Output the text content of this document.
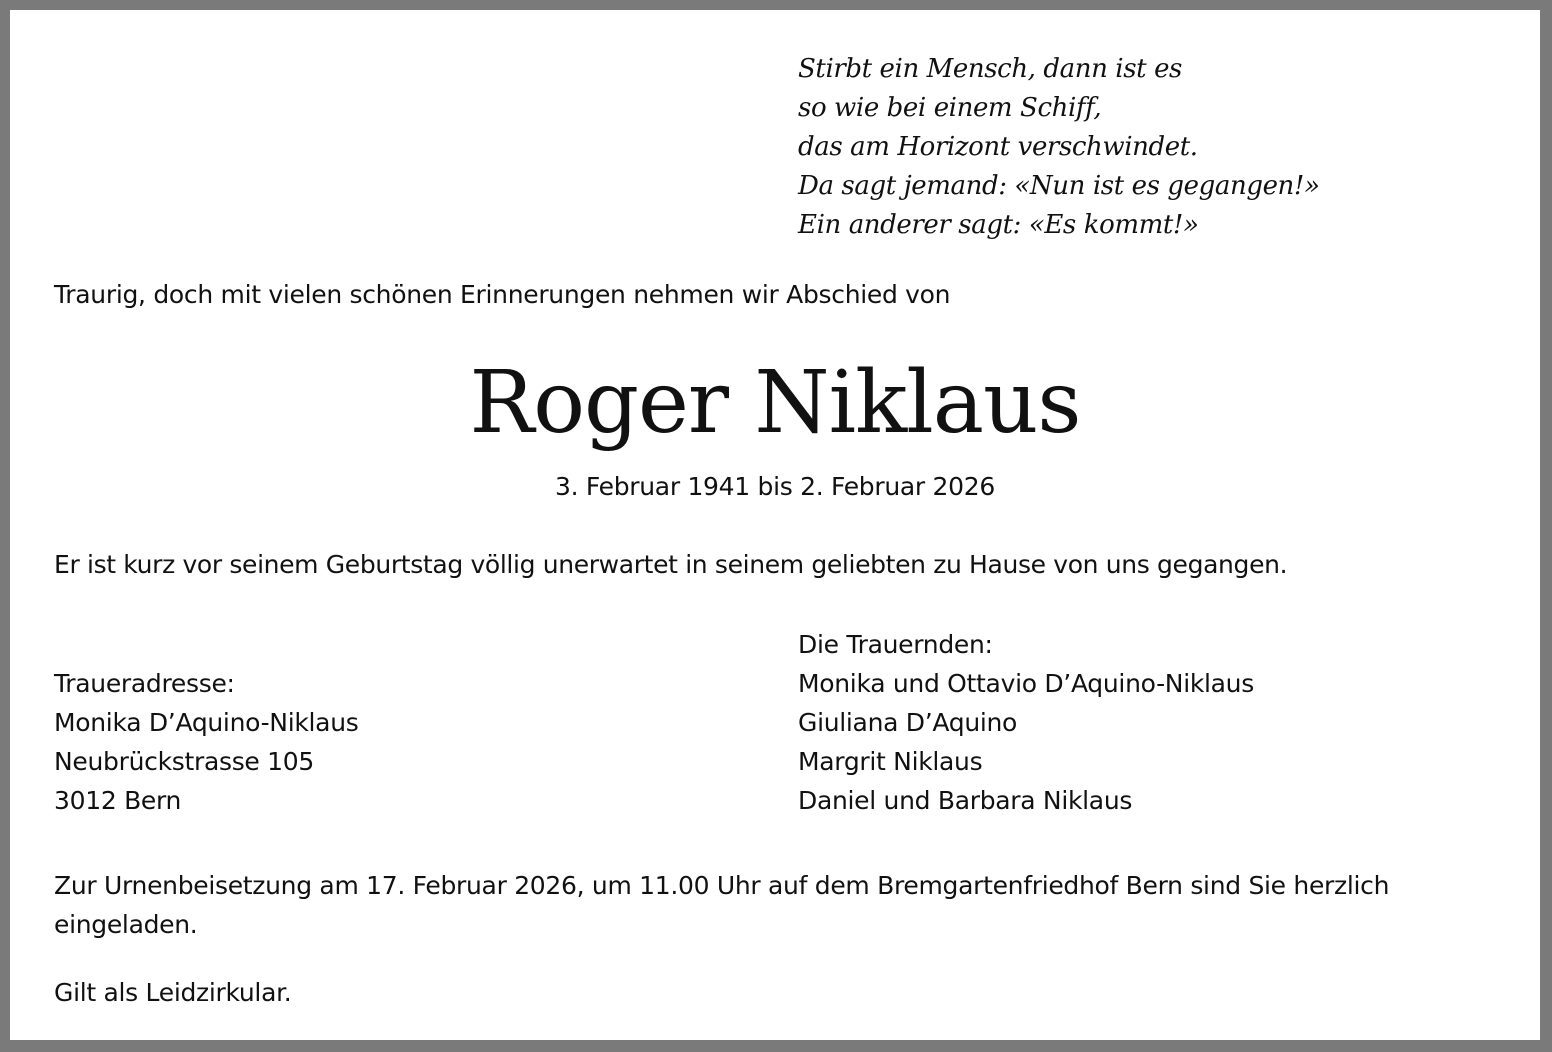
Stirbt ein Mensch, dann ist es
so wie bei einem Schiff,
das am Horizont verschwindet.
Da sagt jemand: «Nun ist es gegangen!»
Ein anderer sagt: «Es kommt!»
Traurig, doch mit vielen schönen Erinnerungen nehmen wir Abschied von
Roger Niklaus
3. Februar 1941 bis 2. Februar 2026
Er ist kurz vor seinem Geburtstag völlig unerwartet in seinem geliebten zu Hause von uns gegangen.
Traueradresse:
Monika D’Aquino-Niklaus
Neubrückstrasse 105
3012 Bern
Die Trauernden:
Monika und Ottavio D’Aquino-Niklaus
Giuliana D’Aquino
Margrit Niklaus
Daniel und Barbara Niklaus
Zur Urnenbeisetzung am 17. Februar 2026, um 11.00 Uhr auf dem Bremgartenfriedhof Bern sind Sie herzlich eingeladen.
Gilt als Leidzirkular.
